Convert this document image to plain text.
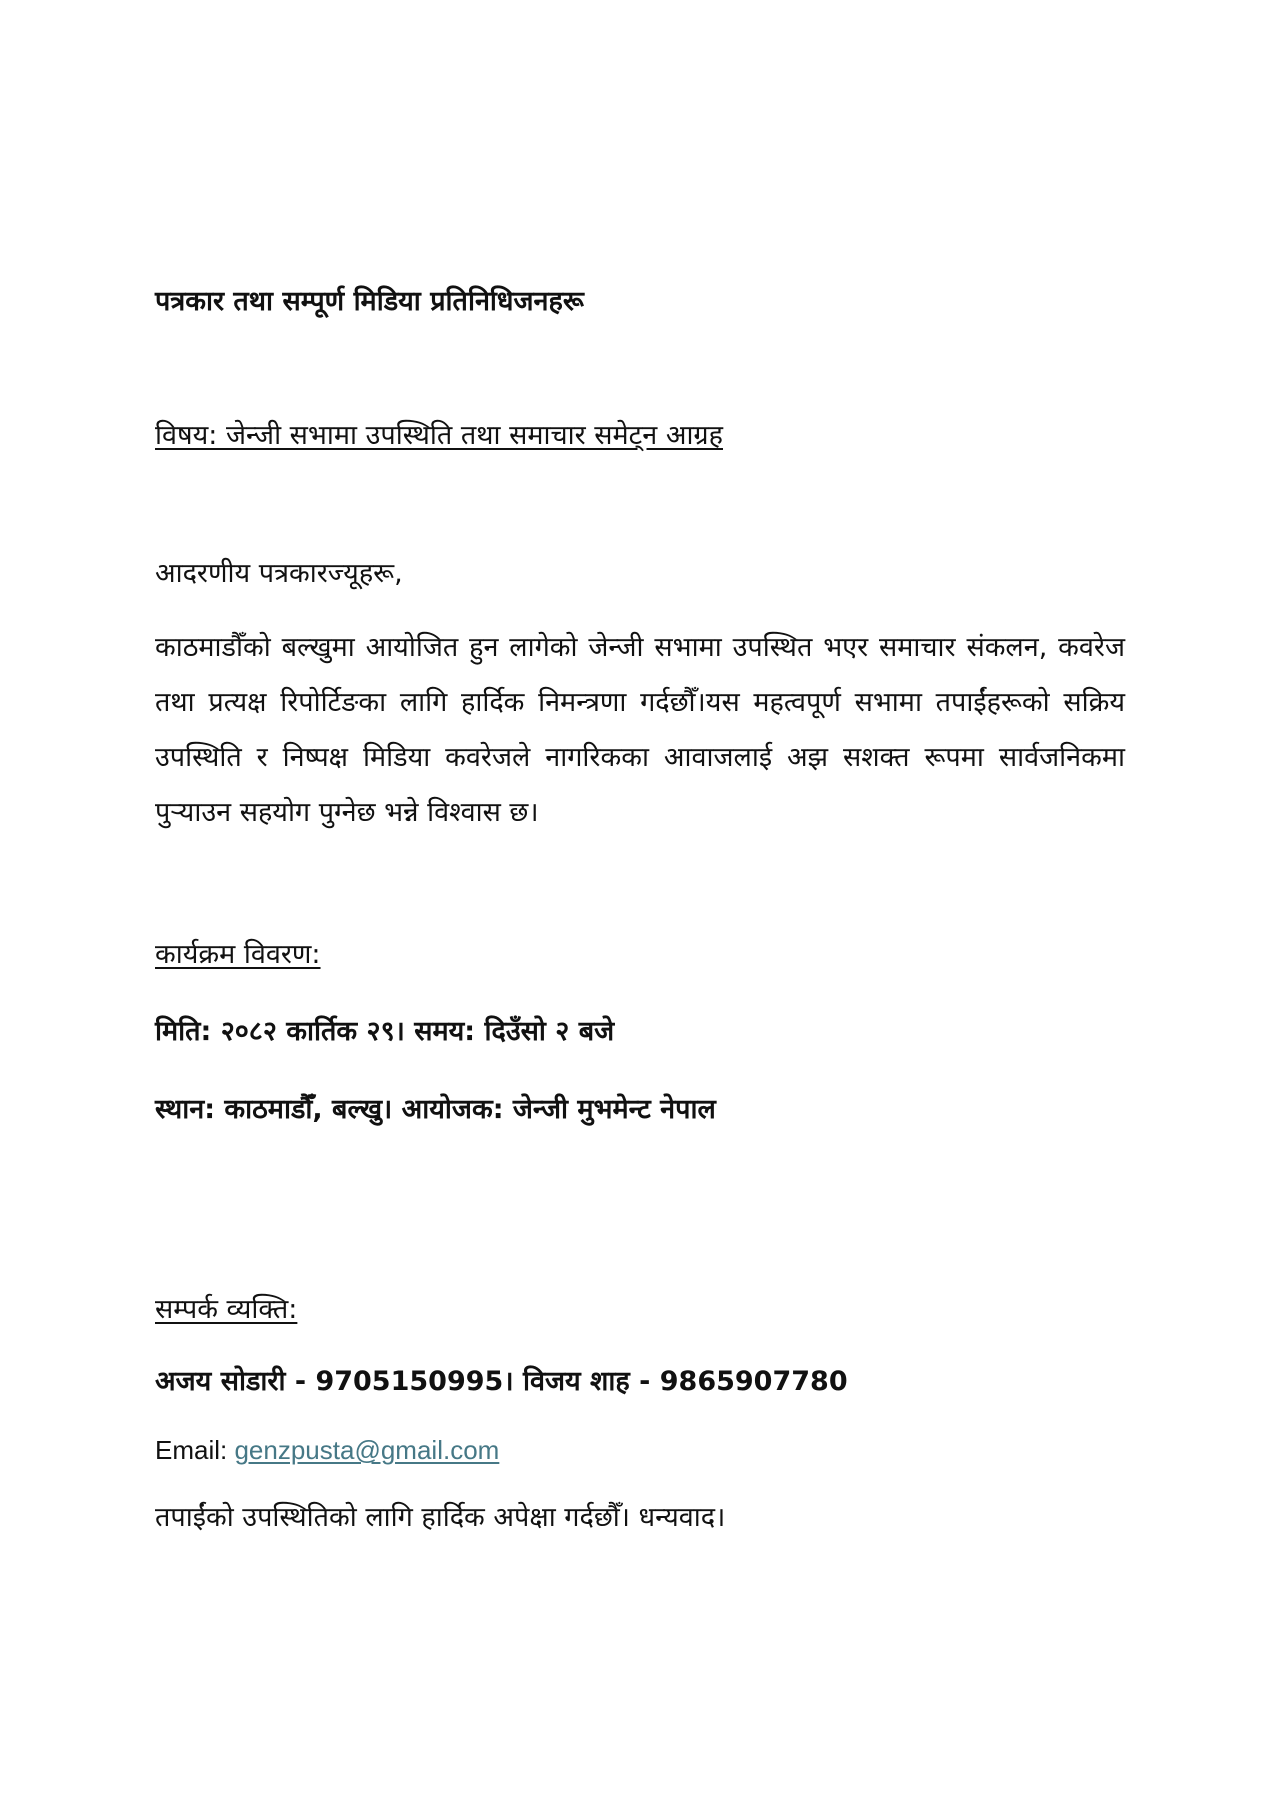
पत्रकार तथा सम्पूर्ण मिडिया प्रतिनिधिजनहरू

विषय: जेन्जी सभामा उपस्थिति तथा समाचार समेट्न आग्रह

आदरणीय पत्रकारज्यूहरू,

काठमाडौँको बल्खुमा आयोजित हुन लागेको जेन्जी सभामा उपस्थित भएर समाचार संकलन, कवरेज तथा प्रत्यक्ष रिपोर्टिङका लागि हार्दिक निमन्त्रणा गर्दछौँ।यस महत्वपूर्ण सभामा तपाईंहरूको सक्रिय उपस्थिति र निष्पक्ष मिडिया कवरेजले नागरिकका आवाजलाई अझ सशक्त रूपमा सार्वजनिकमा पुर्‍याउन सहयोग पुग्नेछ भन्ने विश्वास छ।

कार्यक्रम विवरण:

मिति: २०८२ कार्तिक २९। समय: दिउँसो २ बजे

स्थान: काठमाडौँ, बल्खु। आयोजक: जेन्जी मुभमेन्ट नेपाल

सम्पर्क व्यक्ति:

अजय सोडारी - 9705150995। विजय शाह - 9865907780

Email: genzpusta@gmail.com

तपाईंको उपस्थितिको लागि हार्दिक अपेक्षा गर्दछौँ। धन्यवाद।
